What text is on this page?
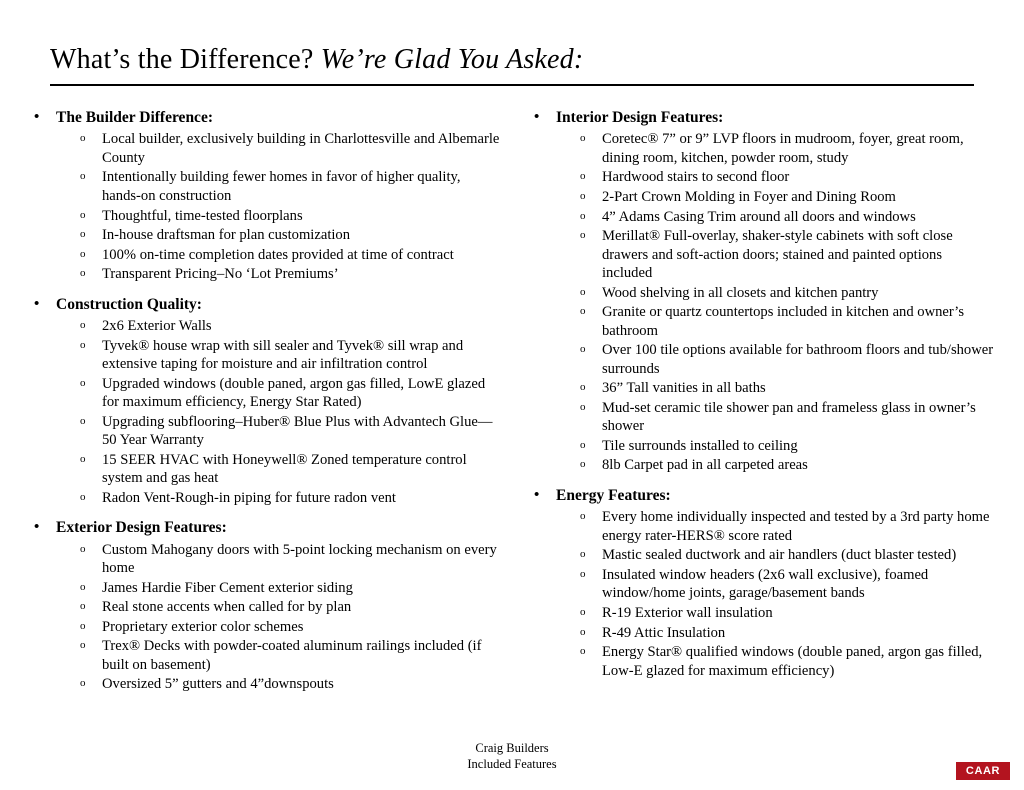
What’s the Difference? We’re Glad You Asked:
•	The Builder Difference:
o	Local builder, exclusively building in Charlottesville and Albemarle County
o	Intentionally building fewer homes in favor of higher quality, hands-on construction
o	Thoughtful, time-tested floorplans
o	In-house draftsman for plan customization
o	100% on-time completion dates provided at time of contract
o	Transparent Pricing–No ‘Lot Premiums’
•	Construction Quality:
o	2x6 Exterior Walls
o	Tyvek® house wrap with sill sealer and Tyvek® sill wrap and extensive taping for moisture and air infiltration control
o	Upgraded windows (double paned, argon gas filled, LowE glazed for maximum efficiency, Energy Star Rated)
o	Upgrading subflooring–Huber® Blue Plus with Advantech Glue—50 Year Warranty
o	15 SEER HVAC with Honeywell® Zoned temperature control system and gas heat
o	Radon Vent-Rough-in piping for future radon vent
•	Exterior Design Features:
o	Custom Mahogany doors with 5-point locking mechanism on every home
o	James Hardie Fiber Cement exterior siding
o	Real stone accents when called for by plan
o	Proprietary exterior color schemes
o	Trex® Decks with powder-coated aluminum railings included (if built on basement)
o	Oversized 5” gutters and 4”downspouts
•	Interior Design Features:
o	Coretec® 7” or 9” LVP floors in mudroom, foyer, great room, dining room, kitchen, powder room, study
o	Hardwood stairs to second floor
o	2-Part Crown Molding in Foyer and Dining Room
o	4” Adams Casing Trim around all doors and windows
o	Merillat® Full-overlay, shaker-style cabinets with soft close drawers and soft-action doors; stained and painted options included
o	Wood shelving in all closets and kitchen pantry
o	Granite or quartz countertops included in kitchen and owner’s bathroom
o	Over 100 tile options available for bathroom floors and tub/shower surrounds
o	36” Tall vanities in all baths
o	Mud-set ceramic tile shower pan and frameless glass in owner’s shower
o	Tile surrounds installed to ceiling
o	8lb Carpet pad in all carpeted areas
•	Energy Features:
o	Every home individually inspected and tested by a 3rd party home energy rater-HERS® score rated
o	Mastic sealed ductwork and air handlers (duct blaster tested)
o	Insulated window headers (2x6 wall exclusive), foamed window/home joints, garage/basement bands
o	R-19 Exterior wall insulation
o	R-49 Attic Insulation
o	Energy Star® qualified windows (double paned, argon gas filled, Low-E glazed for maximum efficiency)
Craig Builders
Included Features
CAAR
